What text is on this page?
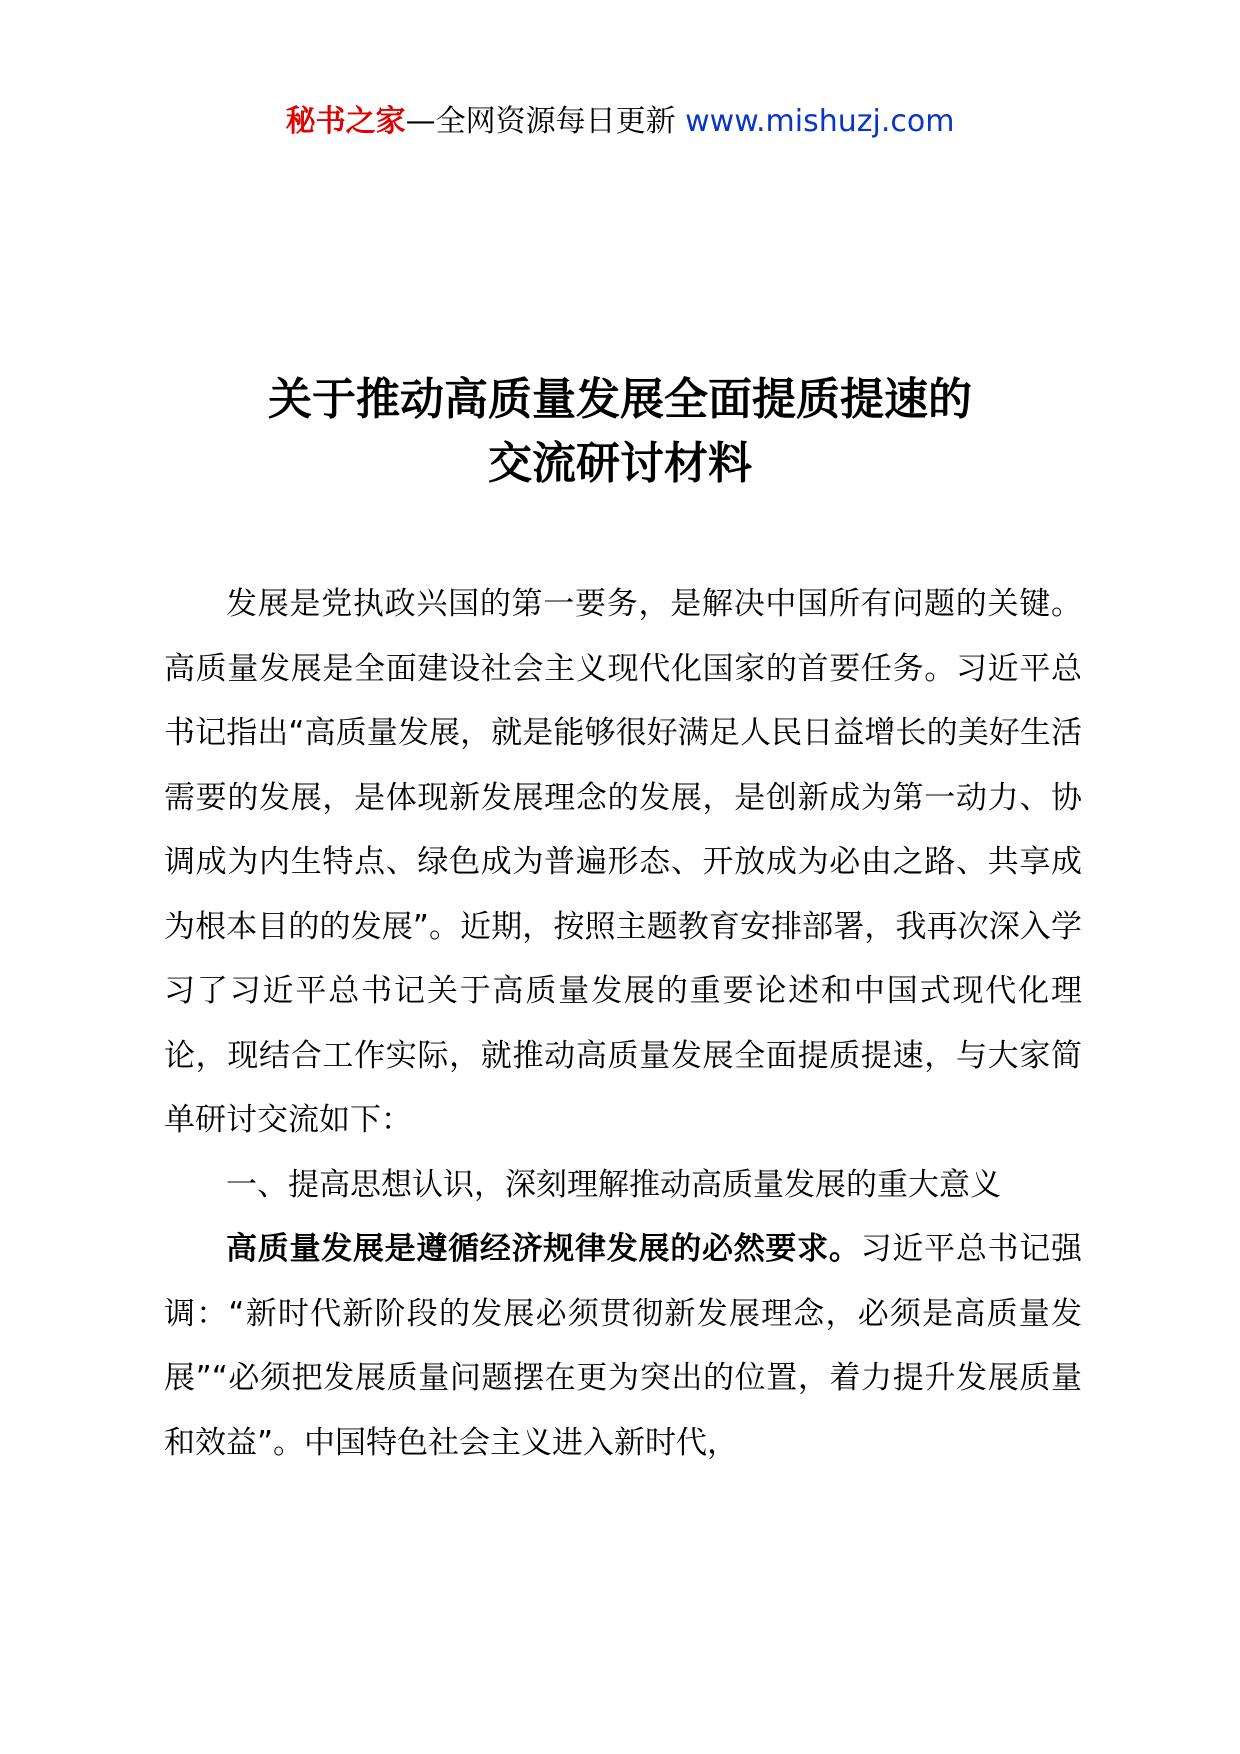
秘书之家—全网资源每日更新 www.mishuzj.com
关于推动高质量发展全面提质提速的
交流研讨材料

发展是党执政兴国的第一要务，是解决中国所有问题的关键。高质量发展是全面建设社会主义现代化国家的首要任务。习近平总书记指出“高质量发展，就是能够很好满足人民日益增长的美好生活需要的发展，是体现新发展理念的发展，是创新成为第一动力、协调成为内生特点、绿色成为普遍形态、开放成为必由之路、共享成为根本目的的发展”。近期，按照主题教育安排部署，我再次深入学习了习近平总书记关于高质量发展的重要论述和中国式现代化理论，现结合工作实际，就推动高质量发展全面提质提速，与大家简单研讨交流如下：

一、提高思想认识，深刻理解推动高质量发展的重大意义

高质量发展是遵循经济规律发展的必然要求。习近平总书记强调：“新时代新阶段的发展必须贯彻新发展理念，必须是高质量发展”“必须把发展质量问题摆在更为突出的位置，着力提升发展质量和效益”。中国特色社会主义进入新时代，
